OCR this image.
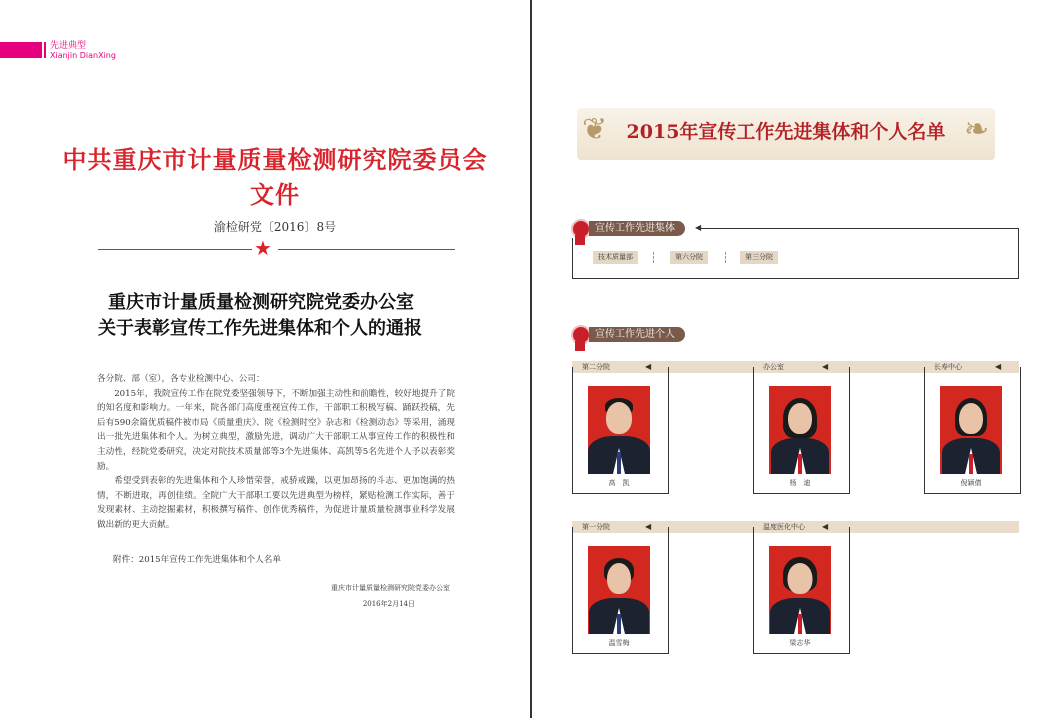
先进典型
Xianjin DianXing
中共重庆市计量质量检测研究院委员会文件
渝检研党〔2016〕8号
★
重庆市计量质量检测研究院党委办公室
关于表彰宣传工作先进集体和个人的通报

各分院、部（室），各专业检测中心、公司：

2015年，我院宣传工作在院党委坚强领导下，不断加强主动性和前瞻性，较好地提升了院的知名度和影响力。一年来，院各部门高度重视宣传工作，干部职工积极写稿、踊跃投稿，先后有590余篇优质稿件被市局《质量重庆》、院《检测时空》杂志和《检测动态》等采用，涌现出一批先进集体和个人。为树立典型，激励先进，调动广大干部职工从事宣传工作的积极性和主动性，经院党委研究，决定对院技术质量部等3个先进集体、高凯等5名先进个人予以表彰奖励。

希望受到表彰的先进集体和个人珍惜荣誉，戒骄戒躁，以更加昂扬的斗志、更加饱满的热情，不断进取，再创佳绩。全院广大干部职工要以先进典型为榜样，紧贴检测工作实际，善于发现素材、主动挖掘素材，积极撰写稿件、创作优秀稿件，为促进计量质量检测事业科学发展做出新的更大贡献。

附件：2015年宣传工作先进集体和个人名单
重庆市计量质量检测研究院党委办公室
2016年2月14日
❦	❧
2015年宣传工作先进集体和个人名单
宣传工作先进集体	◀
技术质量部	第六分院	第三分院
宣传工作先进个人
第二分院	办公室	长寿中心
◀	◀	◀
高　凯	杨　迪	倪颖倩
第一分院	温度医化中心
◀	◀
温雪梅	梁志华
